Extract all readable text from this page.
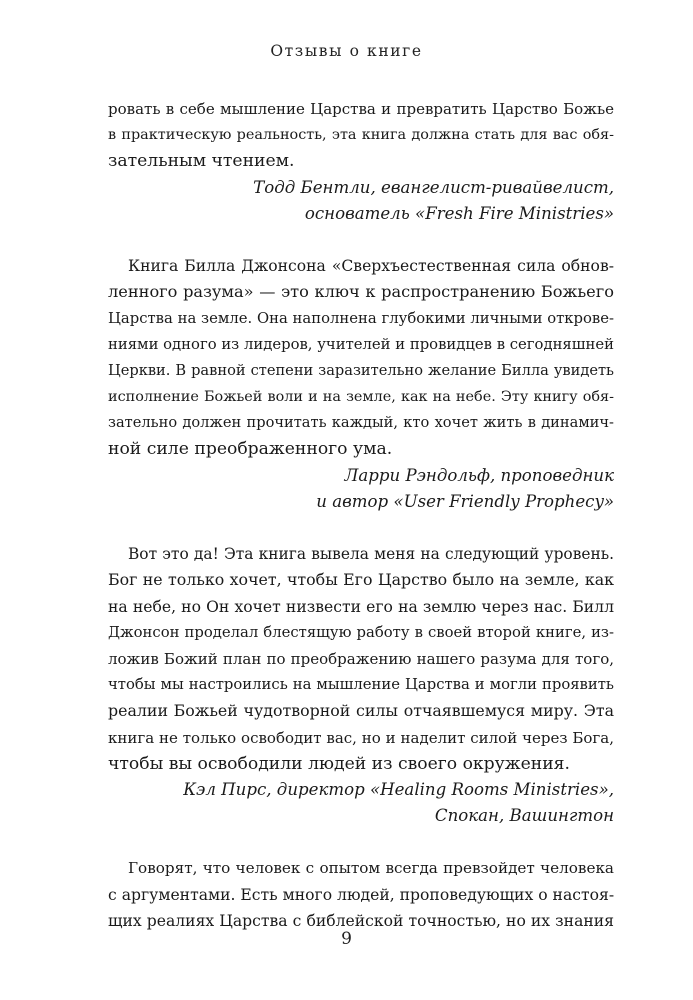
Отзывы о книге
ровать в себе мышление Царства и превратить Царство Божье
в практическую реальность, эта книга должна стать для вас обя-
зательным чтением.
Тодд Бентли, евангелист-ривайвелист,
основатель «Fresh Fire Ministries»
Книга Билла Джонсона «Сверхъестественная сила обнов-
ленного разума» — это ключ к распространению Божьего
Царства на земле. Она наполнена глубокими личными открове-
ниями одного из лидеров, учителей и провидцев в сегодняшней
Церкви. В равной степени заразительно желание Билла увидеть
исполнение Божьей воли и на земле, как на небе. Эту книгу обя-
зательно должен прочитать каждый, кто хочет жить в динамич-
ной силе преображенного ума.
Ларри Рэндольф, проповедник
и автор «User Friendly Prophecy»
Вот это да! Эта книга вывела меня на следующий уровень.
Бог не только хочет, чтобы Его Царство было на земле, как
на небе, но Он хочет низвести его на землю через нас. Билл
Джонсон проделал блестящую работу в своей второй книге, из-
ложив Божий план по преображению нашего разума для того,
чтобы мы настроились на мышление Царства и могли проявить
реалии Божьей чудотворной силы отчаявшемуся миру. Эта
книга не только освободит вас, но и наделит силой через Бога,
чтобы вы освободили людей из своего окружения.
Кэл Пирс, директор «Healing Rooms Ministries»,
Спокан, Вашингтон
Говорят, что человек с опытом всегда превзойдет человека
с аргументами. Есть много людей, проповедующих о настоя-
щих реалиях Царства с библейской точностью, но их знания
9
